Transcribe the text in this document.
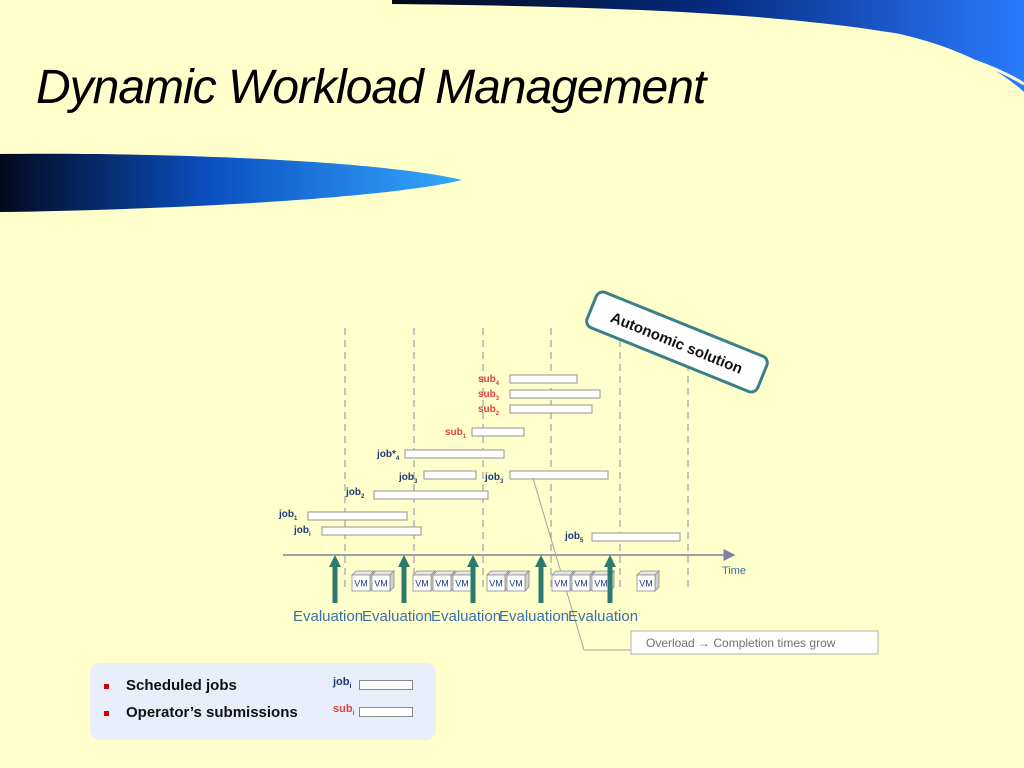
Dynamic Workload Management
Time
sub$_4$
sub$_3$
sub$_2$
sub$_1$
$job*_4$
job$_3$	job$_3$
job$_2$
job$_1$
job$_i$	job$_5$
Overload → Completion times grow
Autonomic solution
VM VM	VM VM VM VM VM	VM VM VM	VM
Evaluation
Evaluation
Evaluation
Evaluation
Evaluation
Scheduled jobs	job$_i$
Operator’s submissions	sub$_i$
